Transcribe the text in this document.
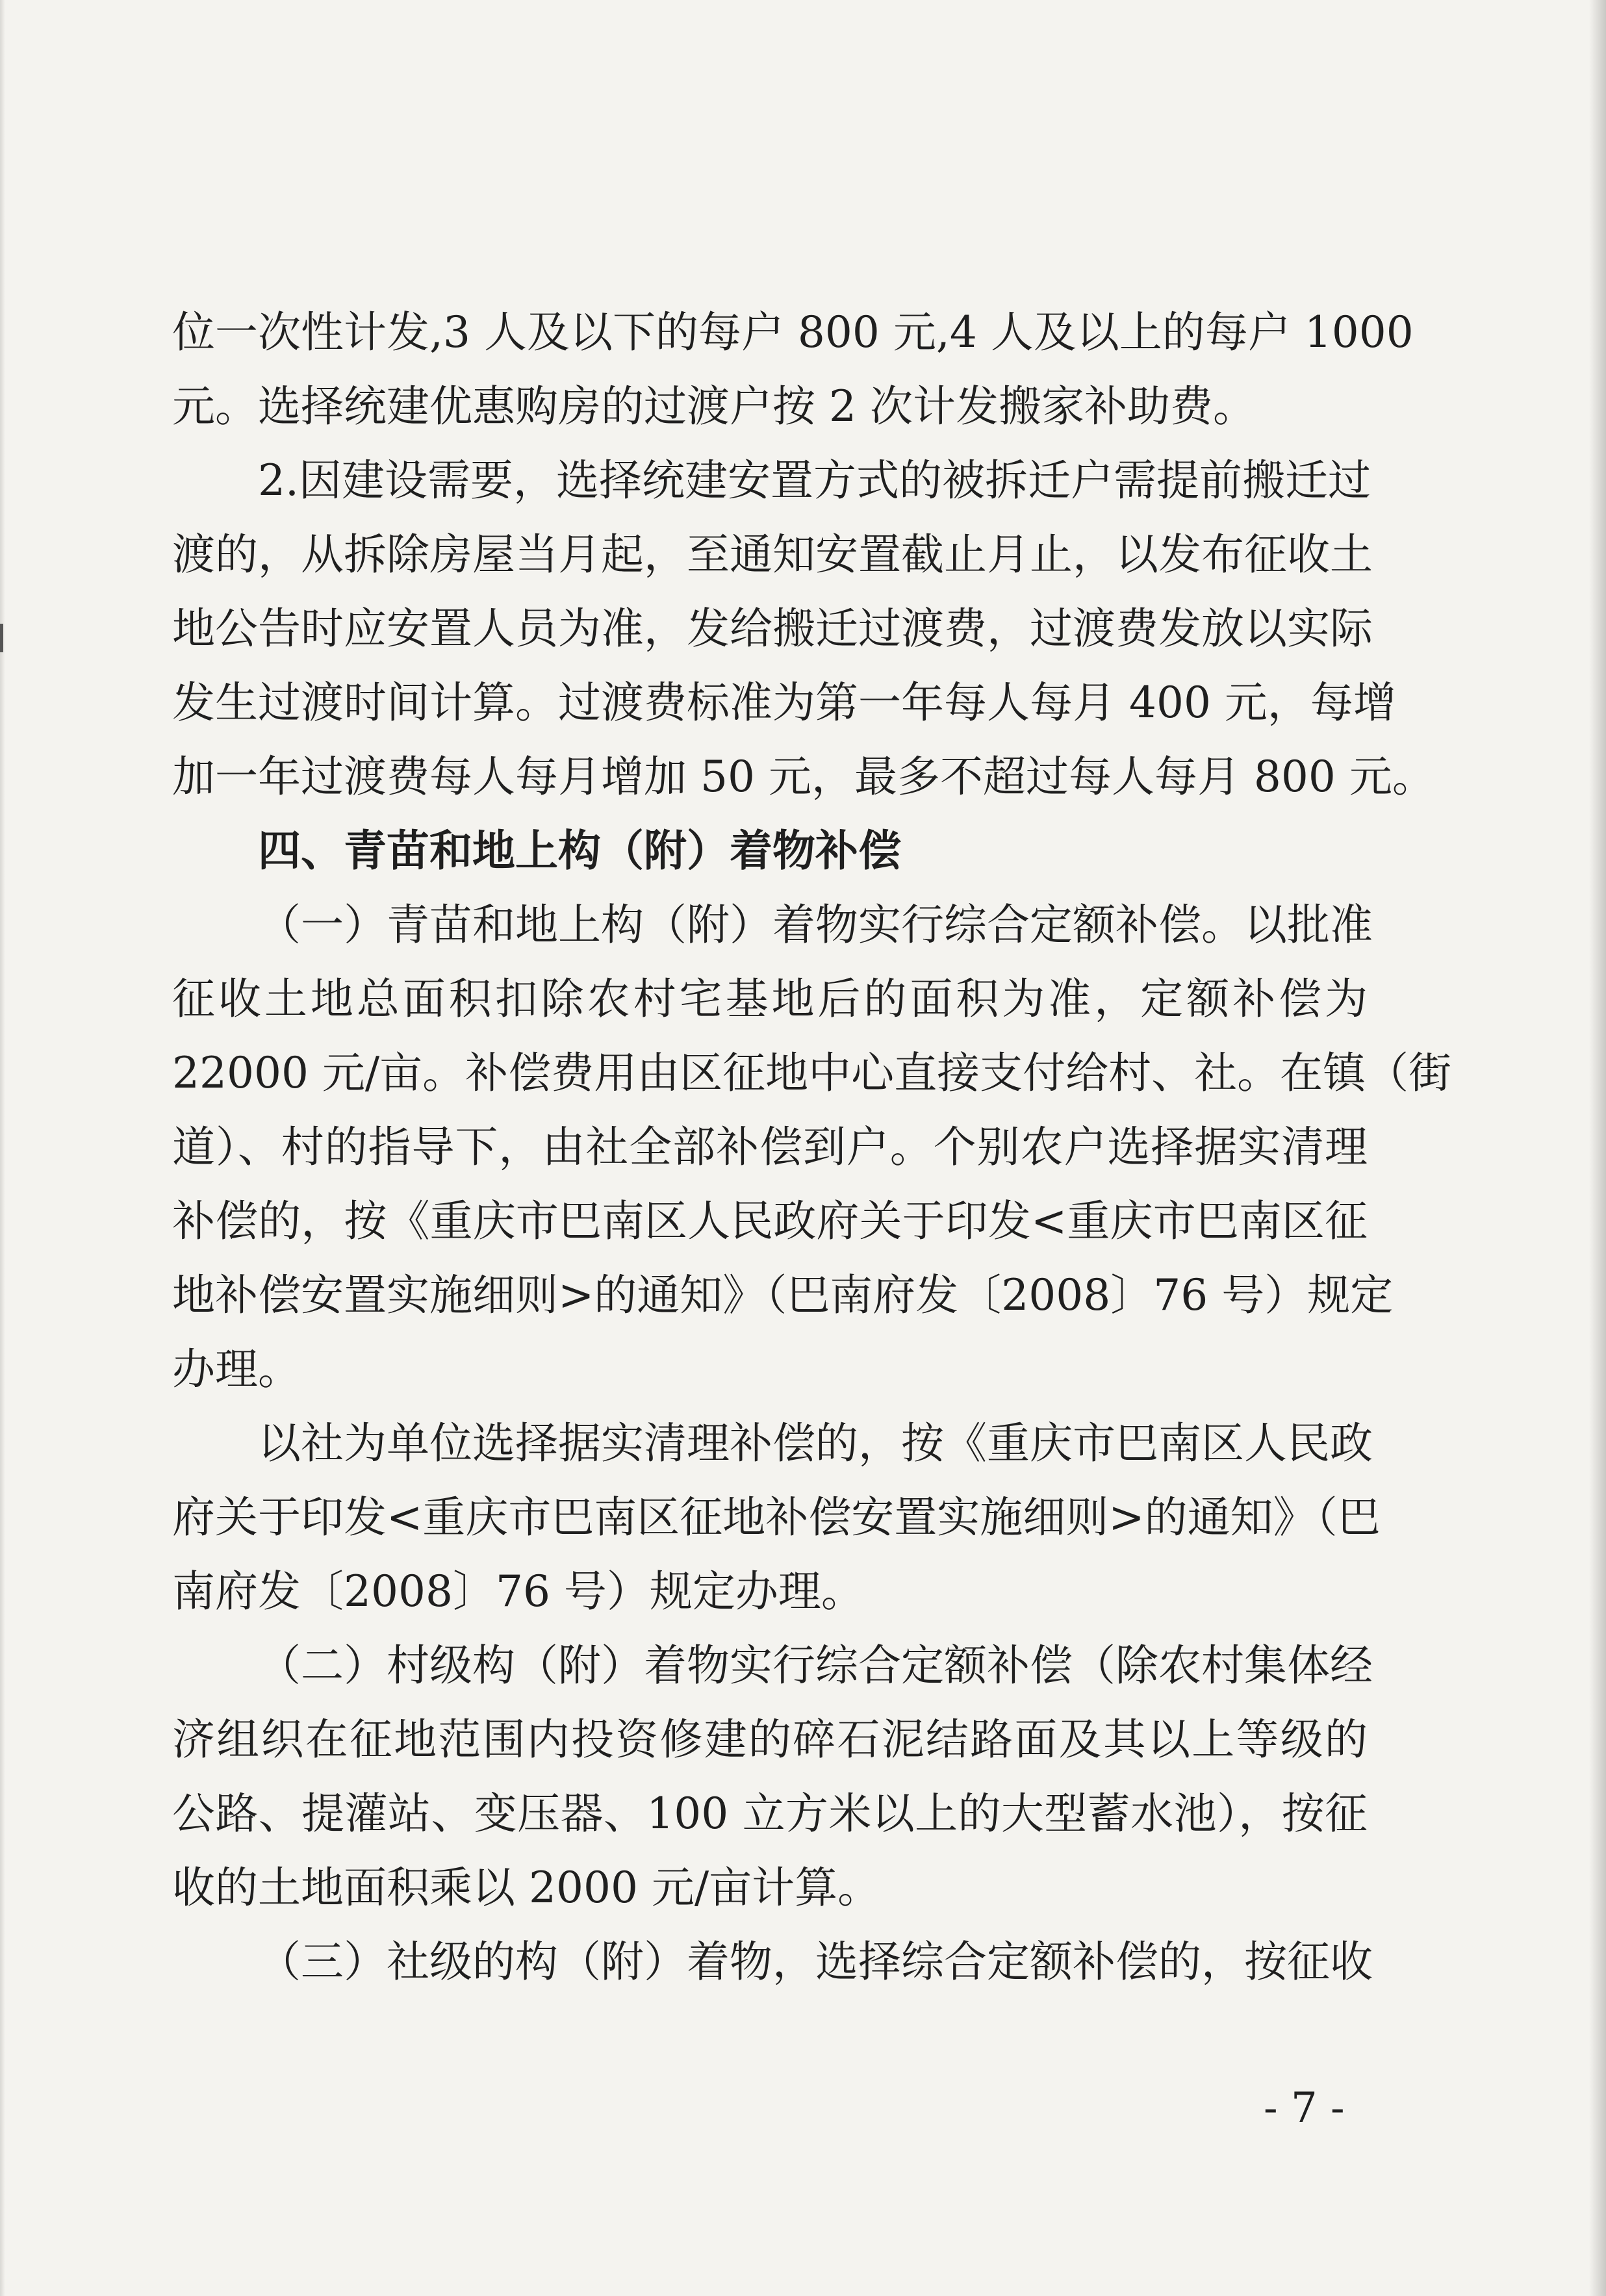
位一次性计发,3 人及以下的每户 800 元,4 人及以上的每户 1000
元。选择统建优惠购房的过渡户按 2 次计发搬家补助费。
2.因建设需要，选择统建安置方式的被拆迁户需提前搬迁过
渡的，从拆除房屋当月起，至通知安置截止月止，以发布征收土
地公告时应安置人员为准，发给搬迁过渡费，过渡费发放以实际
发生过渡时间计算。过渡费标准为第一年每人每月 400 元，每增
加一年过渡费每人每月增加 50 元，最多不超过每人每月 800 元。
四、青苗和地上构（附）着物补偿
（一）青苗和地上构（附）着物实行综合定额补偿。以批准
征收土地总面积扣除农村宅基地后的面积为准，定额补偿为
22000 元/亩。补偿费用由区征地中心直接支付给村、社。在镇（街
道）、村的指导下，由社全部补偿到户。个别农户选择据实清理
补偿的，按《重庆市巴南区人民政府关于印发<重庆市巴南区征
地补偿安置实施细则>的通知》（巴南府发〔2008〕76 号）规定
办理。
以社为单位选择据实清理补偿的，按《重庆市巴南区人民政
府关于印发<重庆市巴南区征地补偿安置实施细则>的通知》（巴
南府发〔2008〕76 号）规定办理。
（二）村级构（附）着物实行综合定额补偿（除农村集体经
济组织在征地范围内投资修建的碎石泥结路面及其以上等级的
公路、提灌站、变压器、100 立方米以上的大型蓄水池），按征
收的土地面积乘以 2000 元/亩计算。
（三）社级的构（附）着物，选择综合定额补偿的，按征收
- 7 -
